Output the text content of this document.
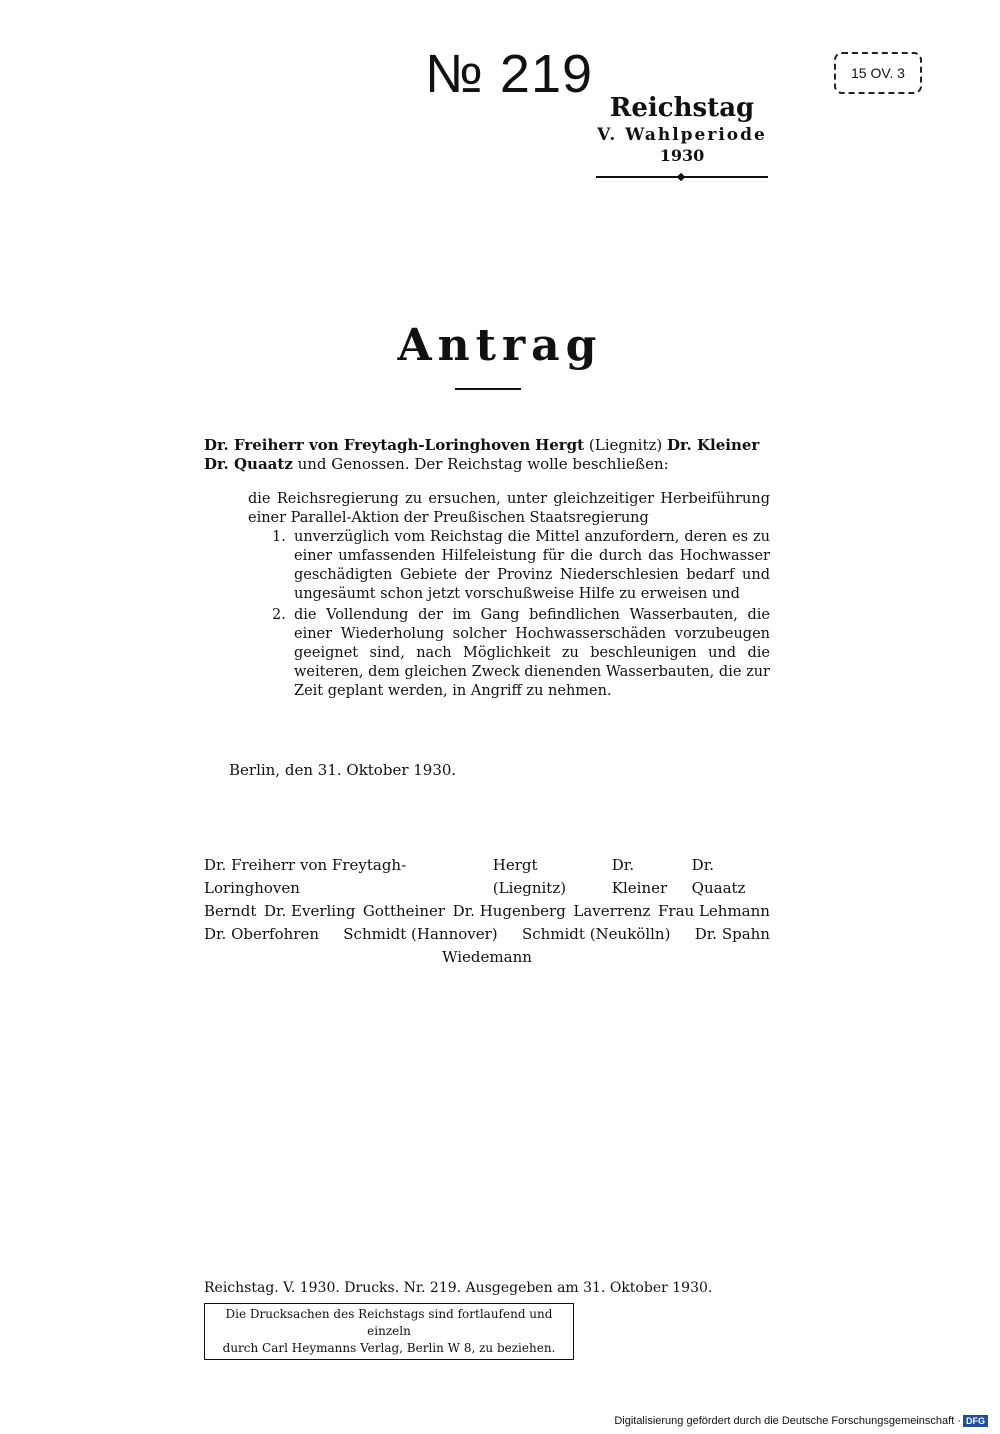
№ 219	15 OV. 3
Reichstag
V. Wahlperiode
1930
Antrag
Dr. Freiherr von Freytagh-Loringhoven Hergt (Liegnitz) Dr. Kleiner
Dr. Quaatz und Genossen. Der Reichstag wolle beschließen:
die Reichsregierung zu ersuchen, unter gleichzeitiger Herbeiführung einer Parallel-Aktion der Preußischen Staatsregierung
1. unverzüglich vom Reichstag die Mittel anzufordern, deren es zu einer umfassenden Hilfeleistung für die durch das Hochwasser geschädigten Gebiete der Provinz Niederschlesien bedarf und ungesäumt schon jetzt vorschußweise Hilfe zu erweisen und
2. die Vollendung der im Gang befindlichen Wasserbauten, die einer Wiederholung solcher Hochwasserschäden vorzubeugen geeignet sind, nach Möglichkeit zu beschleunigen und die weiteren, dem gleichen Zweck dienenden Wasserbauten, die zur Zeit geplant werden, in Angriff zu nehmen.
Berlin, den 31. Oktober 1930.
Dr. Freiherr von Freytagh-Loringhoven
Hergt (Liegnitz)
Dr. Kleiner
Dr. Quaatz
Berndt Dr. Everling Gottheiner Dr. Hugenberg Laverrenz Frau Lehmann
Dr. Oberfohren Schmidt (Hannover) Schmidt (Neukölln) Dr. Spahn
Wiedemann
Reichstag. V. 1930. Drucks. Nr. 219. Ausgegeben am 31. Oktober 1930.
Die Drucksachen des Reichstags sind fortlaufend und einzeln
durch Carl Heymanns Verlag, Berlin W 8, zu beziehen.
Digitalisierung gefördert durch die Deutsche Forschungsgemeinschaft · DFG
